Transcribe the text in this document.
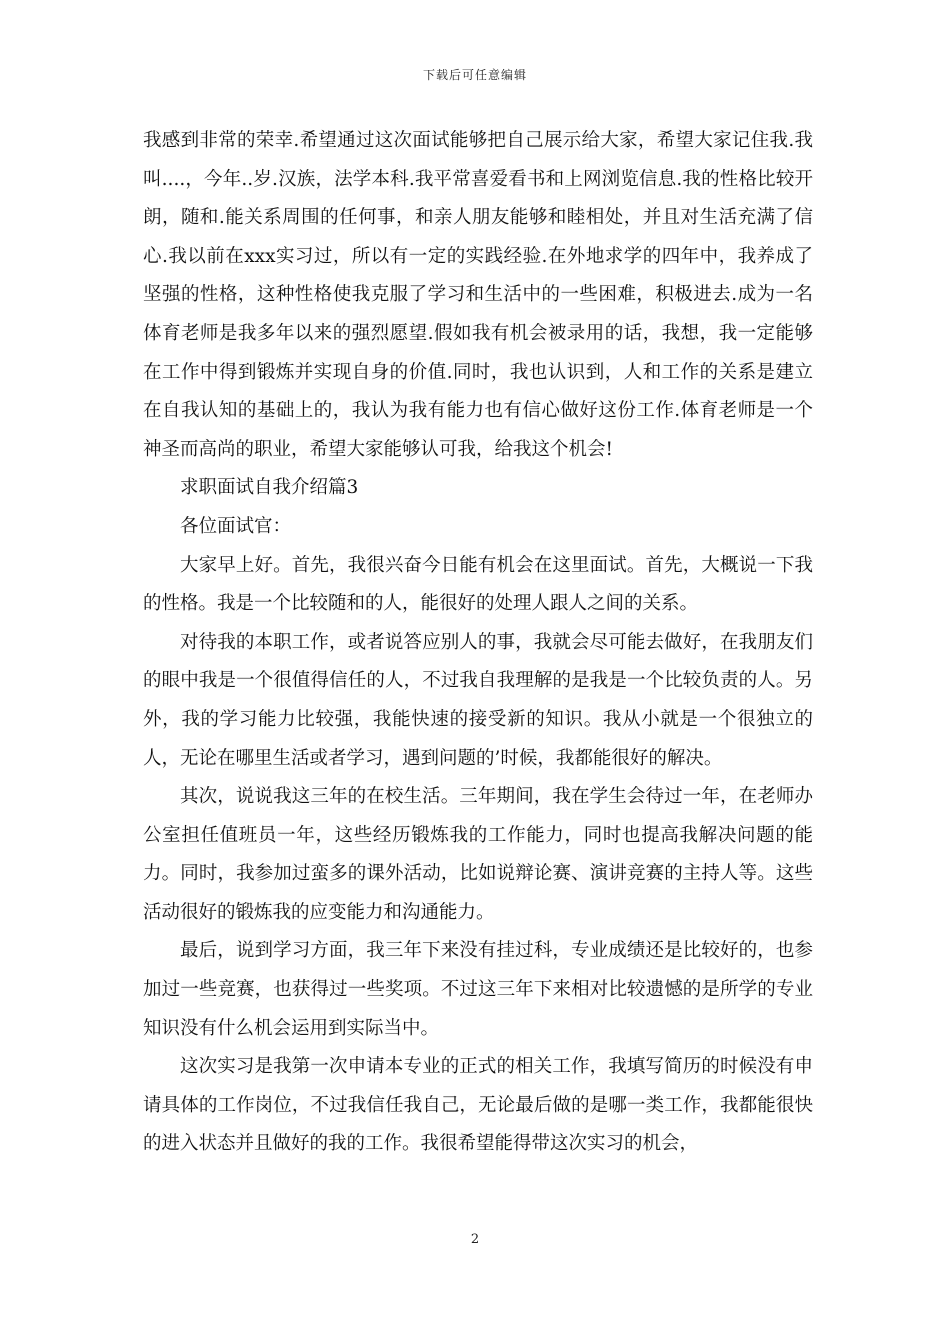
下载后可任意编辑

我感到非常的荣幸.希望通过这次面试能够把自己展示给大家，希望大家记住我.我叫....，今年..岁.汉族，法学本科.我平常喜爱看书和上网浏览信息.我的性格比较开朗，随和.能关系周围的任何事，和亲人朋友能够和睦相处，并且对生活充满了信心.我以前在xxx实习过，所以有一定的实践经验.在外地求学的四年中，我养成了坚强的性格，这种性格使我克服了学习和生活中的一些困难，积极进去.成为一名体育老师是我多年以来的强烈愿望.假如我有机会被录用的话，我想，我一定能够在工作中得到锻炼并实现自身的价值.同时，我也认识到，人和工作的关系是建立在自我认知的基础上的，我认为我有能力也有信心做好这份工作.体育老师是一个神圣而高尚的职业，希望大家能够认可我，给我这个机会!

求职面试自我介绍篇3

各位面试官：

大家早上好。首先，我很兴奋今日能有机会在这里面试。首先，大概说一下我的性格。我是一个比较随和的人，能很好的处理人跟人之间的关系。

对待我的本职工作，或者说答应别人的事，我就会尽可能去做好，在我朋友们的眼中我是一个很值得信任的人，不过我自我理解的是我是一个比较负责的人。另外，我的学习能力比较强，我能快速的接受新的知识。我从小就是一个很独立的人，无论在哪里生活或者学习，遇到问题的’时候，我都能很好的解决。

其次，说说我这三年的在校生活。三年期间，我在学生会待过一年，在老师办公室担任值班员一年，这些经历锻炼我的工作能力，同时也提高我解决问题的能力。同时，我参加过蛮多的课外活动，比如说辩论赛、演讲竞赛的主持人等。这些活动很好的锻炼我的应变能力和沟通能力。

最后，说到学习方面，我三年下来没有挂过科，专业成绩还是比较好的，也参加过一些竞赛，也获得过一些奖项。不过这三年下来相对比较遗憾的是所学的专业知识没有什么机会运用到实际当中。

这次实习是我第一次申请本专业的正式的相关工作，我填写简历的时候没有申请具体的工作岗位，不过我信任我自己，无论最后做的是哪一类工作，我都能很快的进入状态并且做好的我的工作。我很希望能得带这次实习的机会，

2
